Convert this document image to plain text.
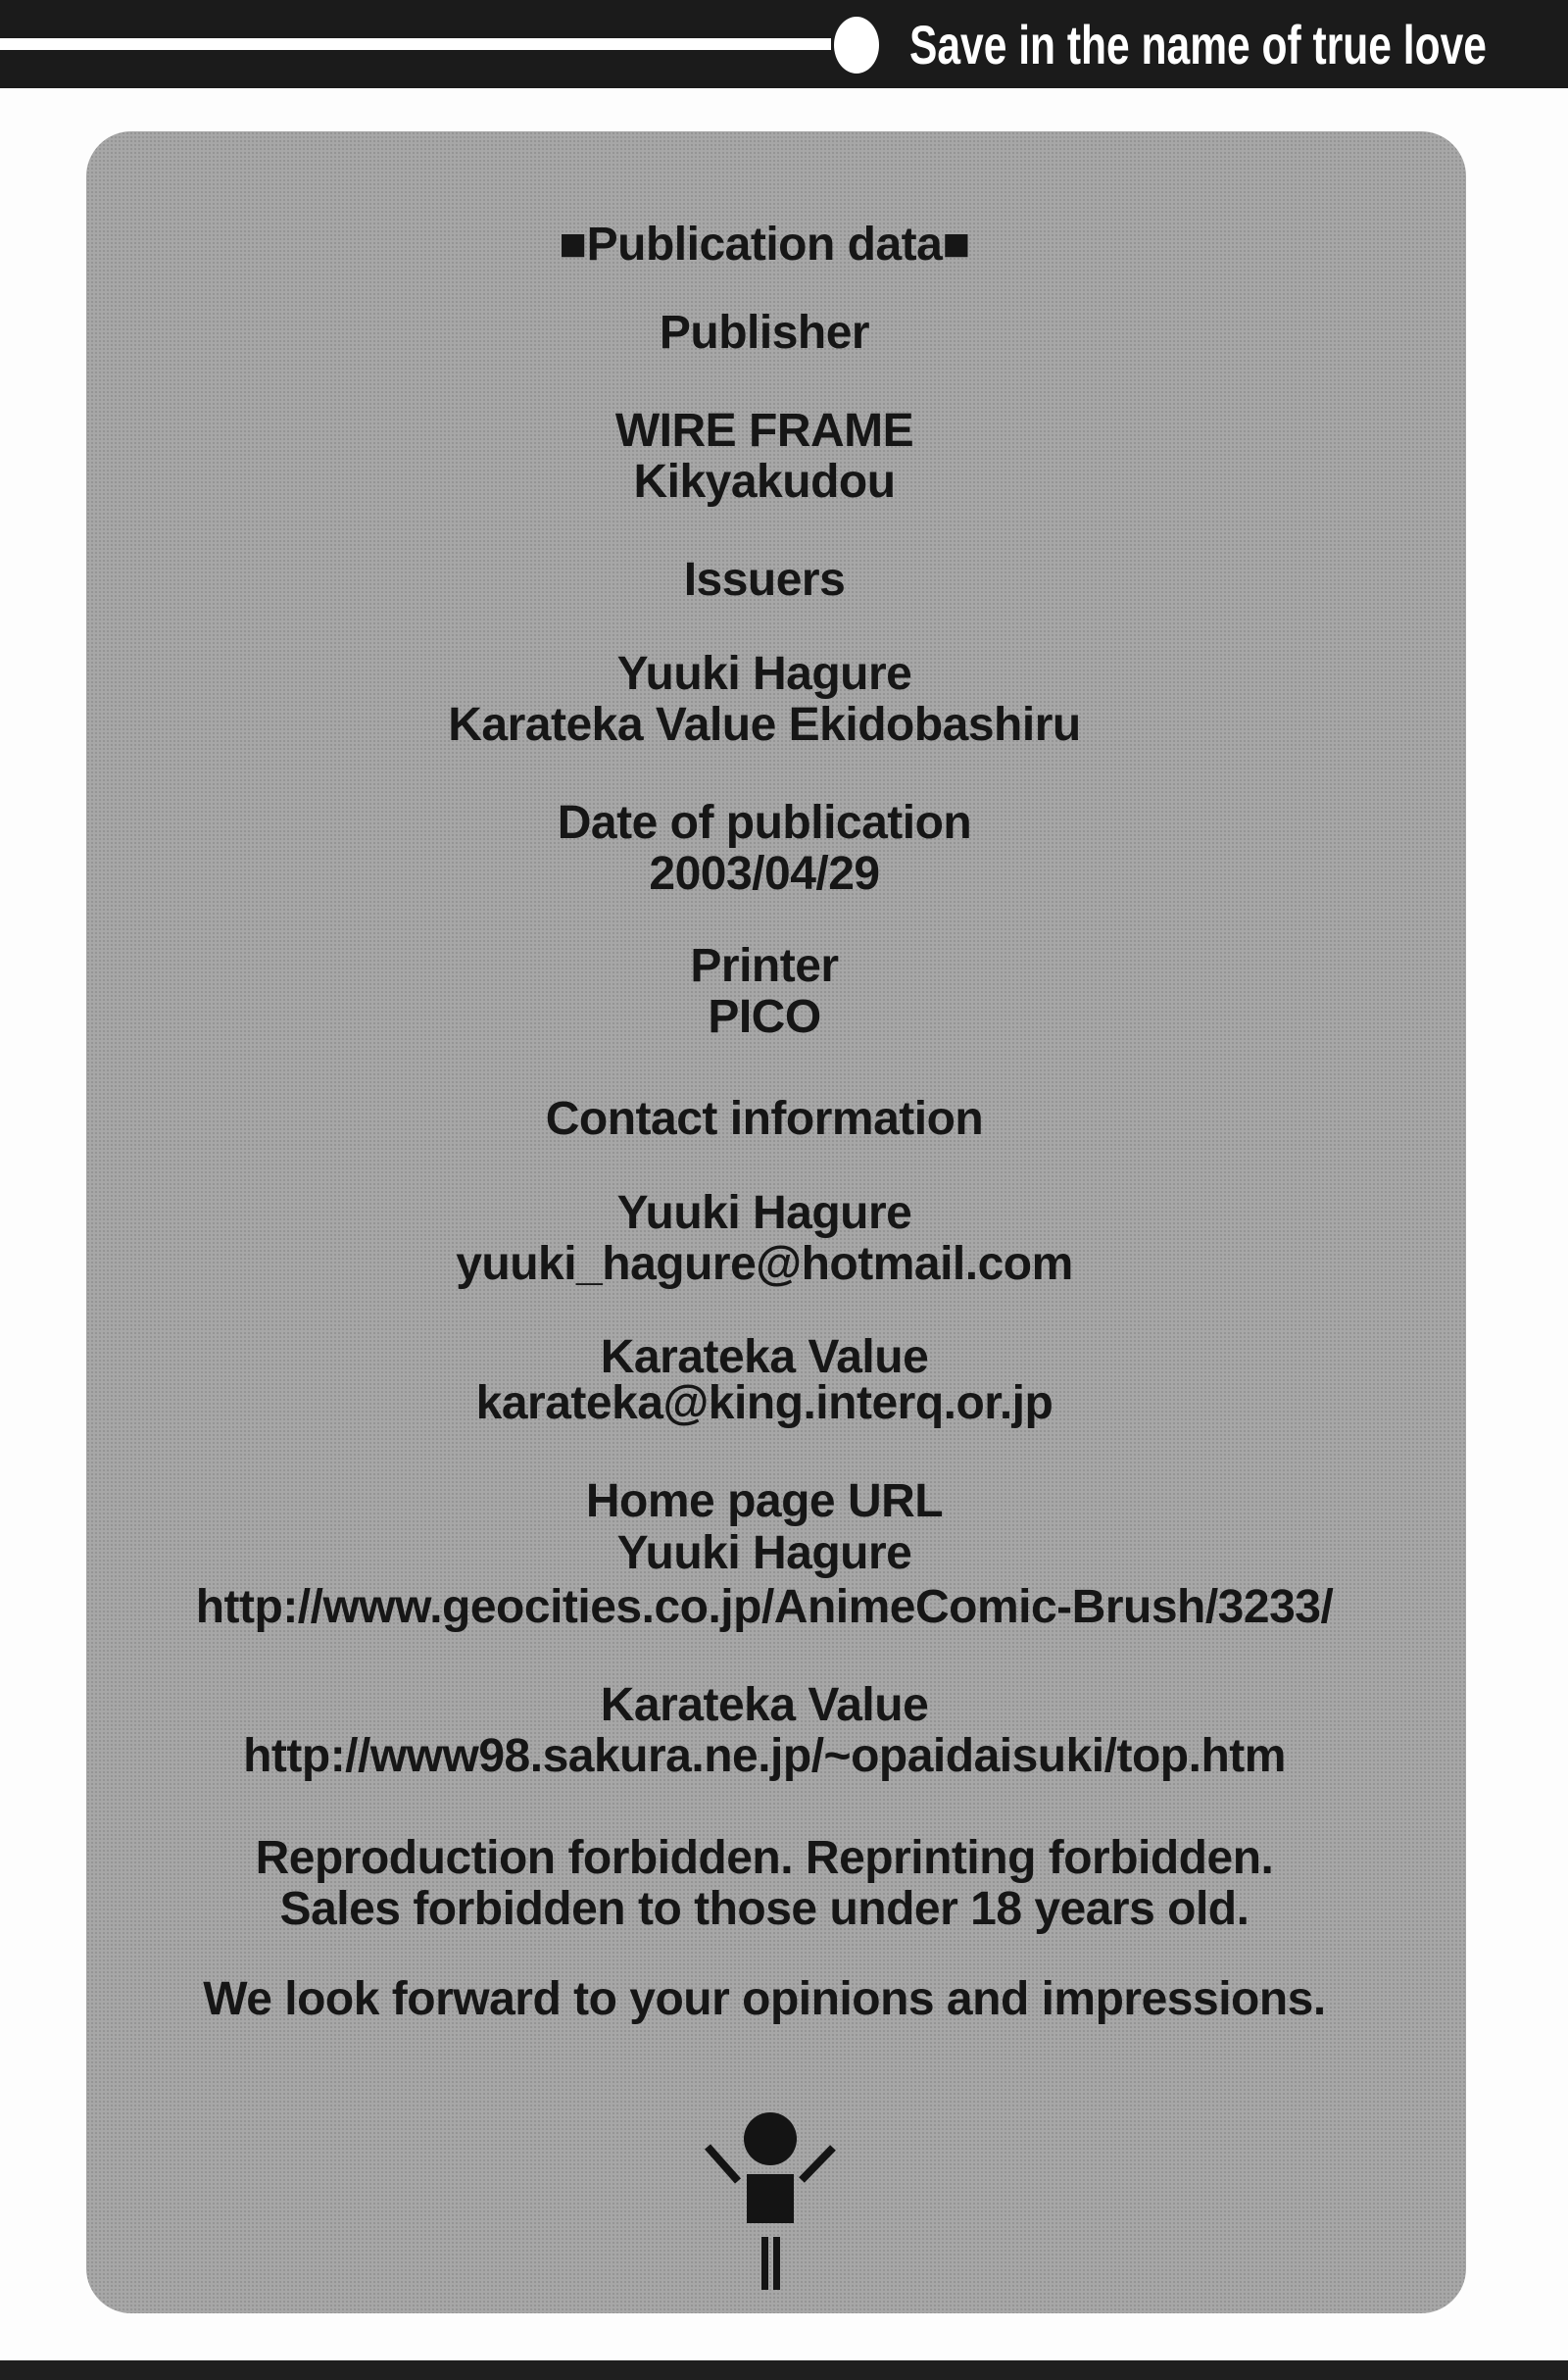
Save in the name of true love
■Publication data■
Publisher
WIRE FRAME
Kikyakudou
Issuers
Yuuki Hagure
Karateka Value Ekidobashiru
Date of publication
2003/04/29
Printer
PICO
Contact information
Yuuki Hagure
yuuki_hagure@hotmail.com
Karateka Value
karateka@king.interq.or.jp
Home page URL
Yuuki Hagure
http://www.geocities.co.jp/AnimeComic-Brush/3233/
Karateka Value
http://www98.sakura.ne.jp/~opaidaisuki/top.htm
Reproduction forbidden. Reprinting forbidden.
Sales forbidden to those under 18 years old.
We look forward to your opinions and impressions.
